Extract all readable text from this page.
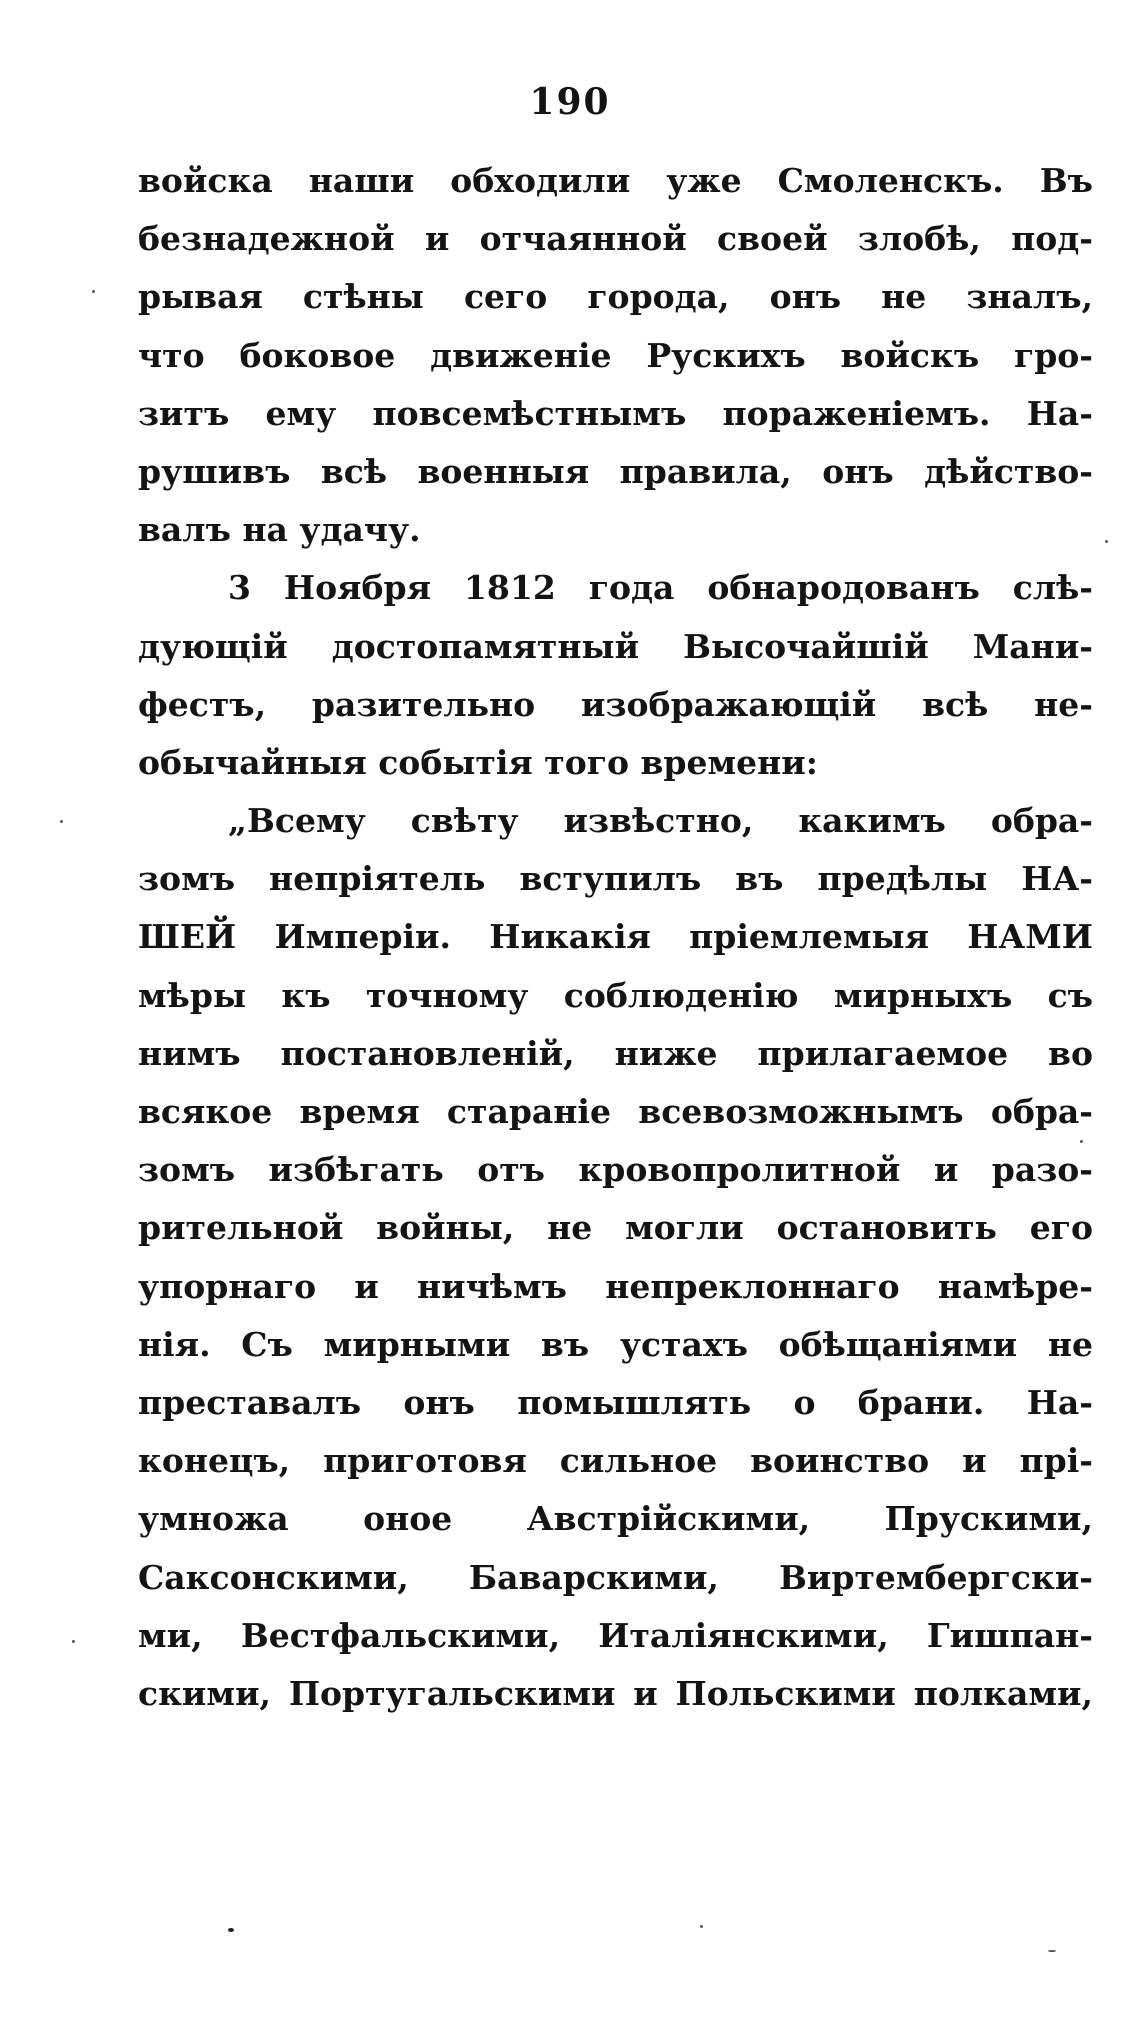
190
войска наши обходили уже Смоленскъ. Въ
безнадежной и отчаянной своей злобѣ, под-
рывая стѣны сего города, онъ не зналъ,
что боковое движеніе Рускихъ войскъ гро-
зитъ ему повсемѣстнымъ пораженіемъ. На-
рушивъ всѣ военныя правила, онъ дѣйство-
валъ на удачу.
3 Ноября 1812 года обнародованъ слѣ-
дующій достопамятный Высочайшій Мани-
фестъ, разительно изображающій всѣ не-
обычайныя событія того времени:
„Всему свѣту извѣстно, какимъ обра-
зомъ непріятель вступилъ въ предѣлы НА-
ШЕЙ Имперіи. Никакія пріемлемыя НАМИ
мѣры къ точному соблюденію мирныхъ съ
нимъ постановленій, ниже прилагаемое во
всякое время стараніе всевозможнымъ обра-
зомъ избѣгать отъ кровопролитной и разо-
рительной войны, не могли остановить его
упорнаго и ничѣмъ непреклоннаго намѣре-
нія. Съ мирными въ устахъ обѣщаніями не
преставалъ онъ помышлять о брани. На-
конецъ, приготовя сильное воинство и прі-
умножа оное Австрійскими, Прускими,
Саксонскими, Баварскими, Виртембергски-
ми, Вестфальскими, Италіянскими, Гишпан-
скими, Португальскими и Польскими полками,
